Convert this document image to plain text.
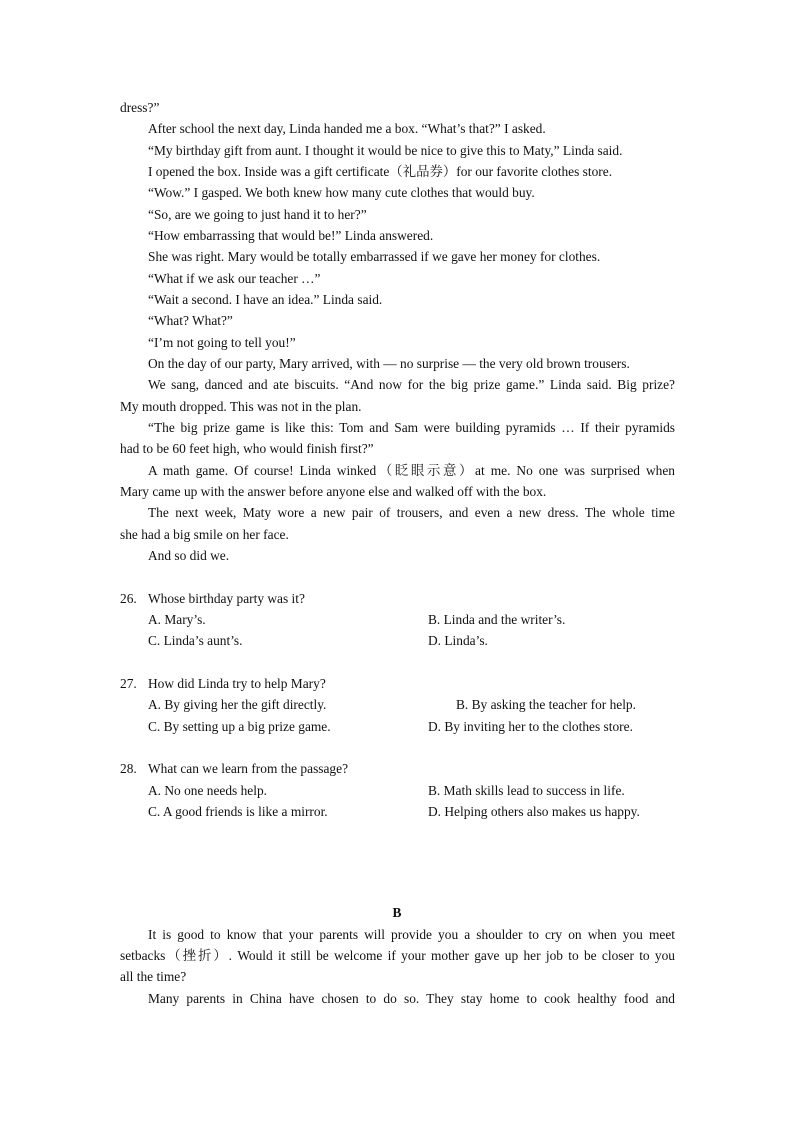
dress?”
After school the next day, Linda handed me a box. “What’s that?” I asked.
“My birthday gift from aunt. I thought it would be nice to give this to Maty,” Linda said.
I opened the box. Inside was a gift certificate（礼品券）for our favorite clothes store.
“Wow.” I gasped. We both knew how many cute clothes that would buy.
“So, are we going to just hand it to her?”
“How embarrassing that would be!” Linda answered.
She was right. Mary would be totally embarrassed if we gave her money for clothes.
“What if we ask our teacher …”
“Wait a second. I have an idea.” Linda said.
“What? What?”
“I’m not going to tell you!”
On the day of our party, Mary arrived, with — no surprise — the very old brown trousers.
We sang, danced and ate biscuits. “And now for the big prize game.” Linda said. Big prize?
My mouth dropped. This was not in the plan.
“The big prize game is like this: Tom and Sam were building pyramids … If their pyramids
had to be 60 feet high, who would finish first?”
A math game. Of course! Linda winked（眨眼示意）at me. No one was surprised when
Mary came up with the answer before anyone else and walked off with the box.
The next week, Maty wore a new pair of trousers, and even a new dress. The whole time
she had a big smile on her face.
And so did we.
26. Whose birthday party was it?
A. Mary’s.	B. Linda and the writer’s.
C. Linda’s aunt’s.	D. Linda’s.
27. How did Linda try to help Mary?
A. By giving her the gift directly.	B. By asking the teacher for help.
C. By setting up a big prize game.	D. By inviting her to the clothes store.
28. What can we learn from the passage?
A. No one needs help.	B. Math skills lead to success in life.
C. A good friends is like a mirror.	D. Helping others also makes us happy.
B
It is good to know that your parents will provide you a shoulder to cry on when you meet
setbacks（挫折）. Would it still be welcome if your mother gave up her job to be closer to you
all the time?
Many parents in China have chosen to do so. They stay home to cook healthy food and
